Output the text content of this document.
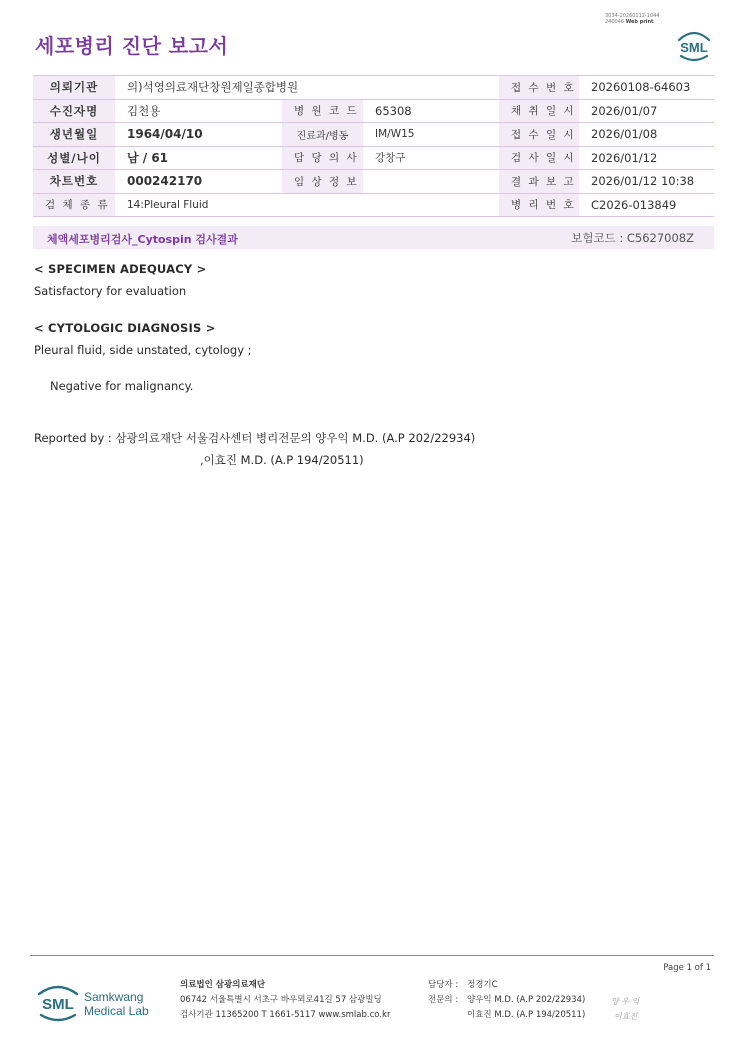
3034-20260112-1044
240046 Web print
세포병리 진단 보고서	SML
의뢰기관	의)석영의료재단창원제일종합병원			접 수 번 호	20260108-64603
수진자명	김천용	병 원 코 드	65308	채 취 일 시	2026/01/07
생년월일	1964/04/10	진료과/병동	IM/W15	접 수 일 시	2026/01/08
성별/나이	남 / 61	담 당 의 사	강창구	검 사 일 시	2026/01/12
차트번호	000242170	임 상 정 보		결 과 보 고	2026/01/12 10:38
검 체 종 류	14:Pleural Fluid			병 리 번 호	C2026-013849
체액세포병리검사_Cytospin 검사결과	보험코드 : C5627008Z
< SPECIMEN ADEQUACY >
Satisfactory for evaluation
< CYTOLOGIC DIAGNOSIS >
Pleural fluid, side unstated, cytology ;
Negative for malignancy.
Reported by : 삼광의료재단 서울검사센터 병리전문의 양우익 M.D. (A.P 202/22934)
,이효진 M.D. (A.P 194/20511)
Page 1 of 1
SML Samkwang
Medical Lab
의료법인 삼광의료재단
06742 서울특별시 서초구 바우뫼로41길 57 삼광빌딩
검사기관 11365200 T 1661-5117 www.smlab.co.kr
담당자 :
전문의 :
정경기C
양우익 M.D. (A.P 202/22934)
이효진 M.D. (A.P 194/20511)
양 우 익
이효진
